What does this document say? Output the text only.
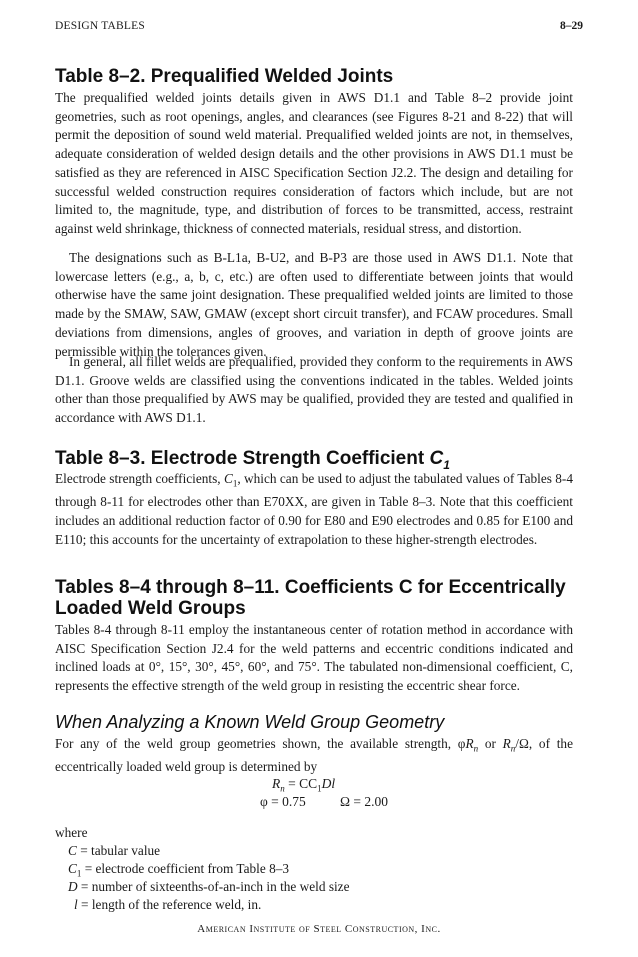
DESIGN TABLES	8–29
Table 8–2. Prequalified Welded Joints
The prequalified welded joints details given in AWS D1.1 and Table 8–2 provide joint geometries, such as root openings, angles, and clearances (see Figures 8-21 and 8-22) that will permit the deposition of sound weld material. Prequalified welded joints are not, in themselves, adequate consideration of welded design details and the other provisions in AWS D1.1 must be satisfied as they are referenced in AISC Specification Section J2.2. The design and detailing for successful welded construction requires consideration of factors which include, but are not limited to, the magnitude, type, and distribution of forces to be transmitted, access, restraint against weld shrinkage, thickness of connected materials, residual stress, and distortion.
The designations such as B-L1a, B-U2, and B-P3 are those used in AWS D1.1. Note that lowercase letters (e.g., a, b, c, etc.) are often used to differentiate between joints that would otherwise have the same joint designation. These prequalified welded joints are limited to those made by the SMAW, SAW, GMAW (except short circuit transfer), and FCAW procedures. Small deviations from dimensions, angles of grooves, and variation in depth of groove joints are permissible within the tolerances given.
In general, all fillet welds are prequalified, provided they conform to the requirements in AWS D1.1. Groove welds are classified using the conventions indicated in the tables. Welded joints other than those prequalified by AWS may be qualified, provided they are tested and qualified in accordance with AWS D1.1.
Table 8–3. Electrode Strength Coefficient $C_1$
Electrode strength coefficients, $C_1$, which can be used to adjust the tabulated values of Tables 8-4 through 8-11 for electrodes other than E70XX, are given in Table 8–3. Note that this coefficient includes an additional reduction factor of 0.90 for E80 and E90 electrodes and 0.85 for E100 and E110; this accounts for the uncertainty of extrapolation to these higher-strength electrodes.
Tables 8–4 through 8–11. Coefficients C for Eccentrically
Loaded Weld Groups
Tables 8-4 through 8-11 employ the instantaneous center of rotation method in accordance with AISC Specification Section J2.4 for the weld patterns and eccentric conditions indicated and inclined loads at 0°, 15°, 30°, 45°, 60°, and 75°. The tabulated non-dimensional coefficient, C, represents the effective strength of the weld group in resisting the eccentric shear force.
When Analyzing a Known Weld Group Geometry
For any of the weld group geometries shown, the available strength, $\varphi R_n$ or $R_n/\Omega$, of the eccentrically loaded weld group is determined by
$R_n = CC_1Dl$
φ = 0.75	Ω = 2.00
where
C = tabular value
$C_1$ = electrode coefficient from Table 8–3
D = number of sixteenths-of-an-inch in the weld size
l = length of the reference weld, in.
American Institute of Steel Construction, Inc.
